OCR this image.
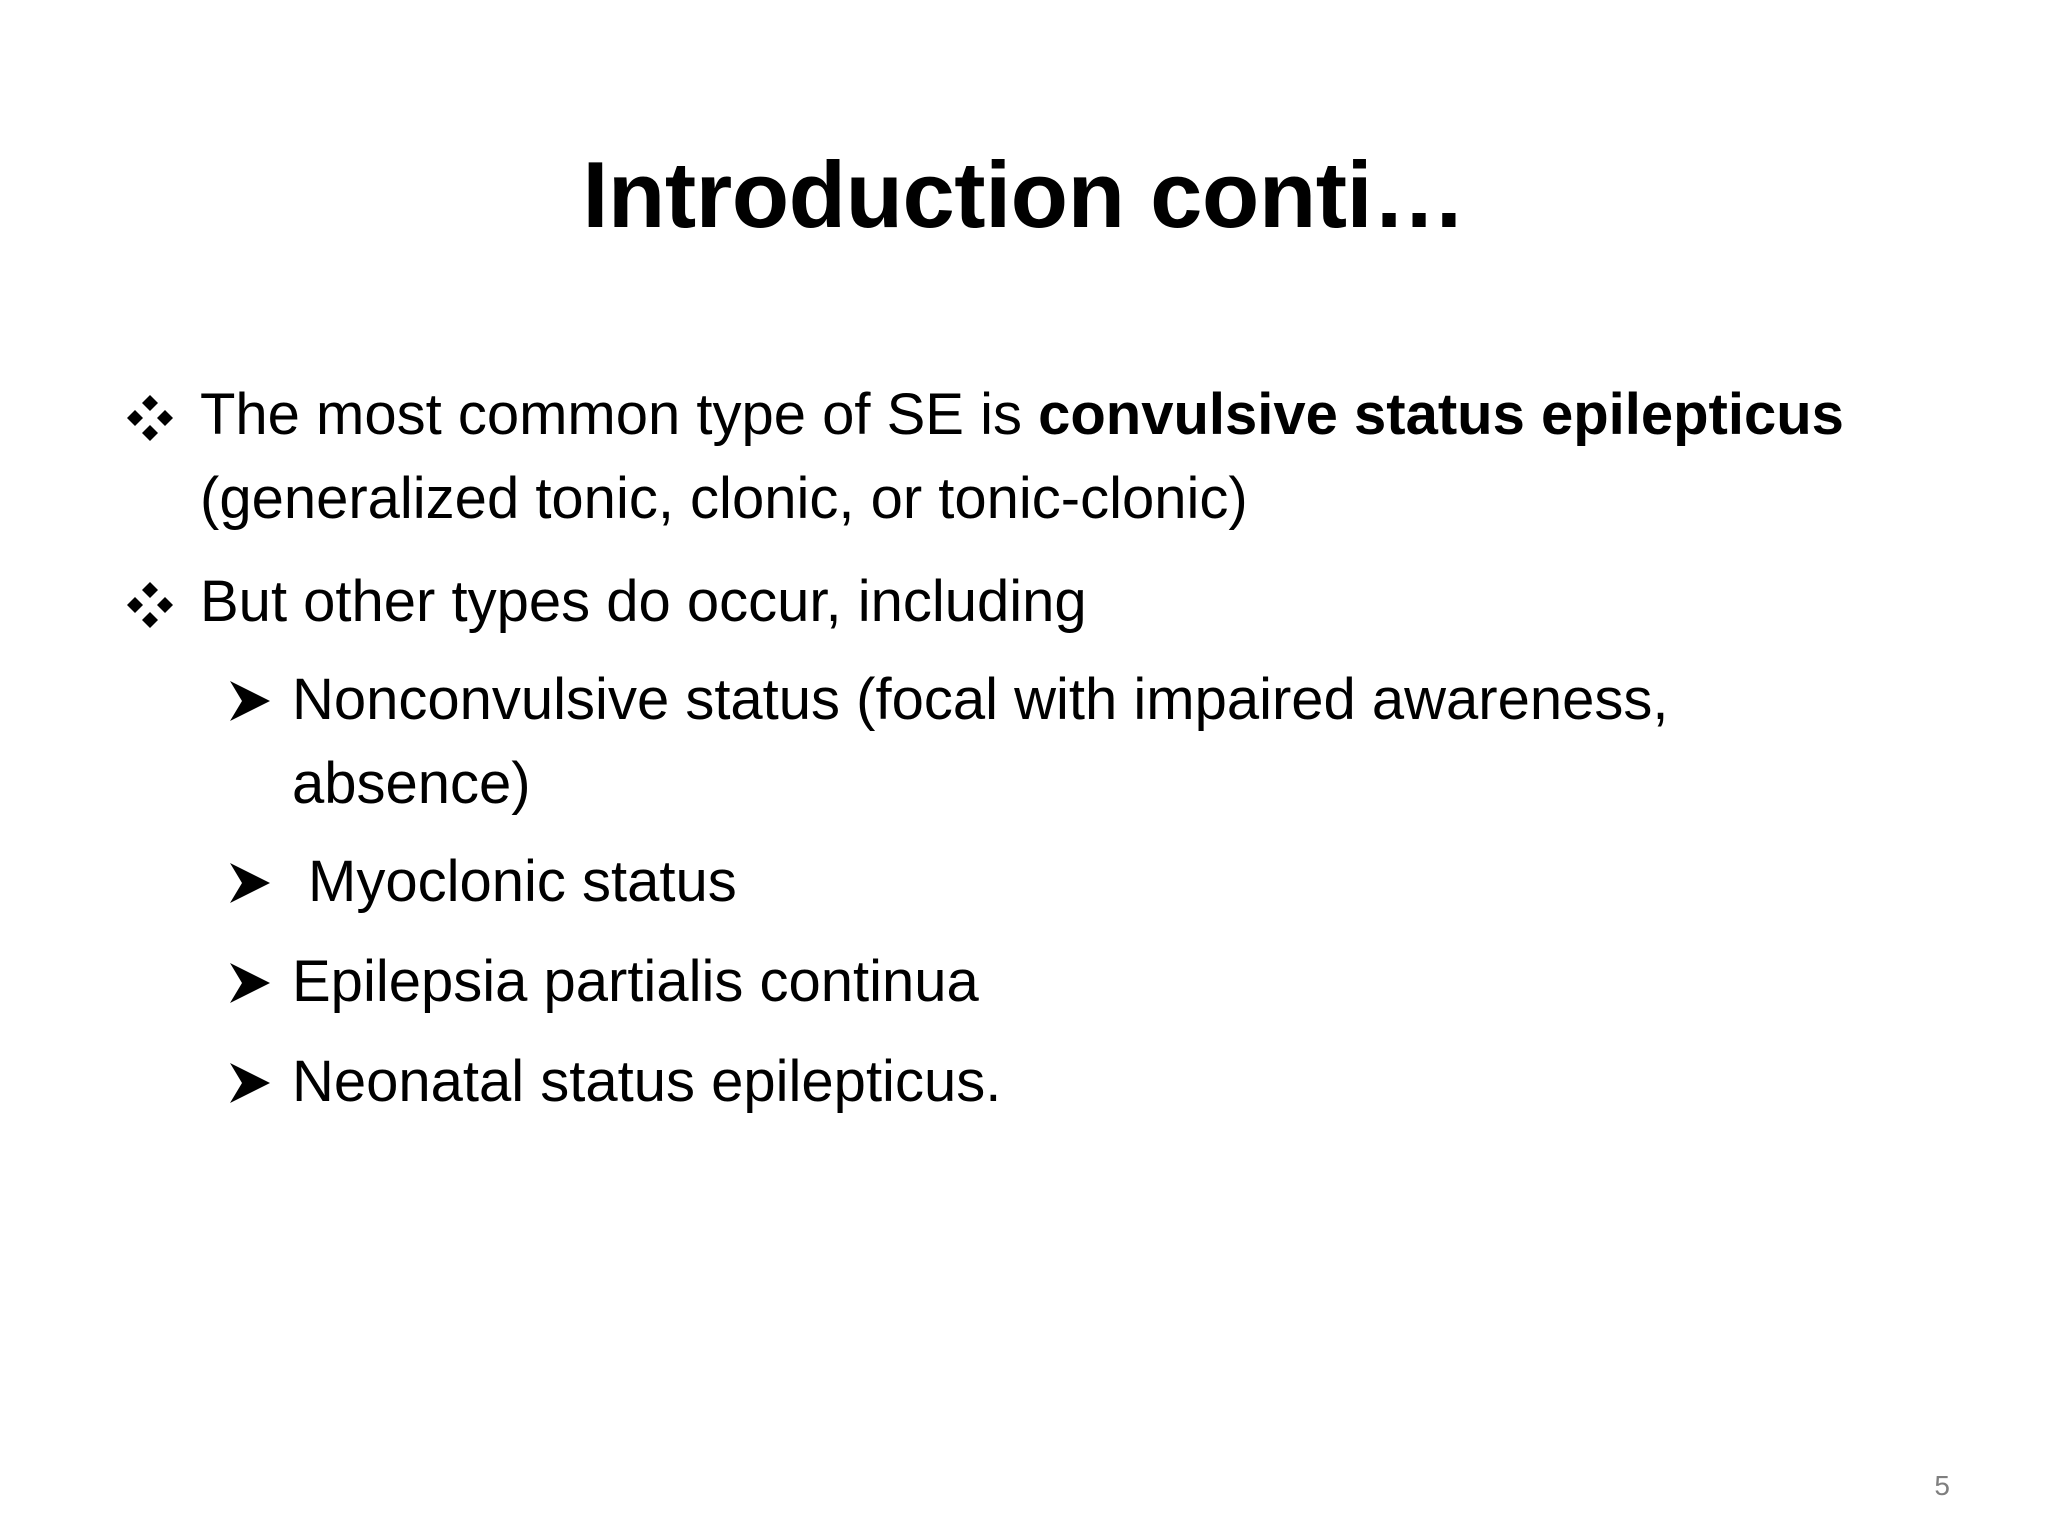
Introduction conti…
The most common type of SE is convulsive status epilepticus (generalized tonic, clonic, or tonic-clonic)
But other types do occur, including
Nonconvulsive status (focal with impaired awareness, absence)
Myoclonic status
Epilepsia partialis continua
Neonatal status epilepticus.
5
